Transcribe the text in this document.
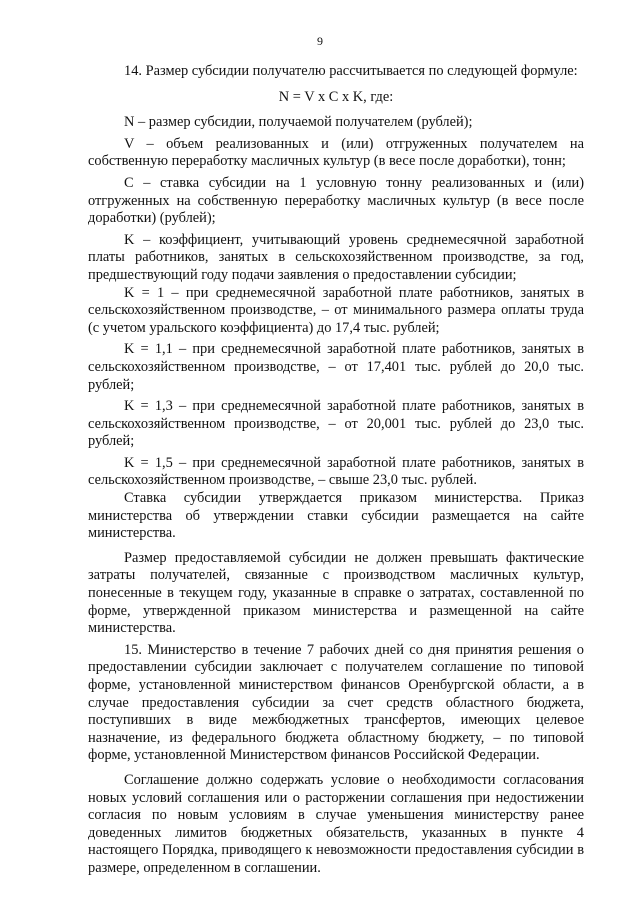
9

14. Размер субсидии получателю рассчитывается по следующей формуле:

N = V x C x K, где:

N – размер субсидии, получаемой получателем (рублей);

V – объем реализованных и (или) отгруженных получателем на собственную переработку масличных культур (в весе после доработки), тонн;

С – ставка субсидии на 1 условную тонну реализованных и (или) отгруженных на собственную переработку масличных культур (в весе после доработки) (рублей);

K – коэффициент, учитывающий уровень среднемесячной заработной платы работников, занятых в сельскохозяйственном производстве, за год, предшествующий году подачи заявления о предоставлении субсидии;

K = 1 – при среднемесячной заработной плате работников, занятых в сельскохозяйственном производстве, – от минимального размера оплаты труда (с учетом уральского коэффициента) до 17,4 тыс. рублей;

K = 1,1 – при среднемесячной заработной плате работников, занятых в сельскохозяйственном производстве, – от 17,401 тыс. рублей до 20,0 тыс. рублей;

K = 1,3 – при среднемесячной заработной плате работников, занятых в сельскохозяйственном производстве, – от 20,001 тыс. рублей до 23,0 тыс. рублей;

K = 1,5 – при среднемесячной заработной плате работников, занятых в сельскохозяйственном производстве, – свыше 23,0 тыс. рублей.

Ставка субсидии утверждается приказом министерства. Приказ министерства об утверждении ставки субсидии размещается на сайте министерства.

Размер предоставляемой субсидии не должен превышать фактические затраты получателей, связанные с производством масличных культур, понесенные в текущем году, указанные в справке о затратах, составленной по форме, утвержденной приказом министерства и размещенной на сайте министерства.

15. Министерство в течение 7 рабочих дней со дня принятия решения о предоставлении субсидии заключает с получателем соглашение по типовой форме, установленной министерством финансов Оренбургской области, а в случае предоставления субсидии за счет средств областного бюджета, поступивших в виде межбюджетных трансфертов, имеющих целевое назначение, из федерального бюджета областному бюджету, – по типовой форме, установленной Министерством финансов Российской Федерации.

Соглашение должно содержать условие о необходимости согласования новых условий соглашения или о расторжении соглашения при недостижении согласия по новым условиям в случае уменьшения министерству ранее доведенных лимитов бюджетных обязательств, указанных в пункте 4 настоящего Порядка, приводящего к невозможности предоставления субсидии в размере, определенном в соглашении.
